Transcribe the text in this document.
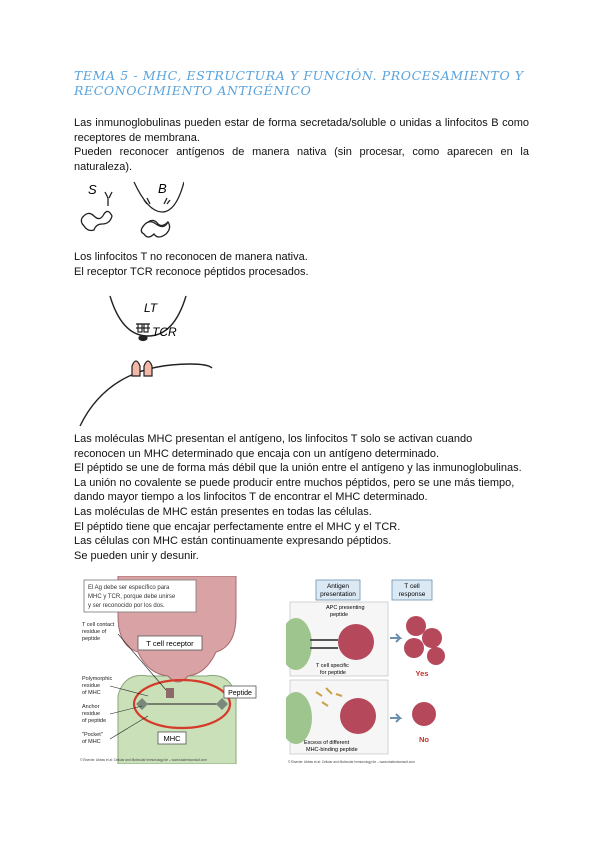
TEMA 5 - MHC, ESTRUCTURA Y FUNCIÓN. PROCESAMIENTO Y
RECONOCIMIENTO ANTIGÉNICO
Las inmunoglobulinas pueden estar de forma secretada/soluble o unidas a linfocitos B como receptores de membrana.
Pueden reconocer antígenos de manera nativa (sin procesar, como aparecen en la naturaleza).
S	B
Los linfocitos T no reconocen de manera nativa.
El receptor TCR reconoce péptidos procesados.
LT
TCR
Las moléculas MHC presentan el antígeno, los linfocitos T solo se activan cuando
reconocen un MHC determinado que encaja con un antígeno determinado.
El péptido se une de forma más débil que la unión entre el antígeno y las inmunoglobulinas.
La unión no covalente se puede producir entre muchos péptidos, pero se une más tiempo,
dando mayor tiempo a los linfocitos T de encontrar el MHC determinado.
Las moléculas de MHC están presentes en todas las células.
El péptido tiene que encajar perfectamente entre el MHC y el TCR.
Las células con MHC están continuamente expresando péptidos.
Se pueden unir y desunir.
El Ag debe ser específico para
MHC y TCR, porque debe unirse
y ser reconocido por los dos.
T cell receptor
Peptide
MHC
T cell contact
residue of
peptide
Polymorphic
residue
of MHC
Anchor
residue
of peptide
"Pocket"
of MHC
© Elsevier. Abbas et al: Cellular and Molecular Immunology 6e – www.studentconsult.com
Antigen
presentation
T cell
response
APC presenting
peptide
T cell specific
for peptide	Yes
Excess of different
MHC-binding peptide
No
© Elsevier. Abbas et al: Cellular and Molecular Immunology 6e – www.studentconsult.com
